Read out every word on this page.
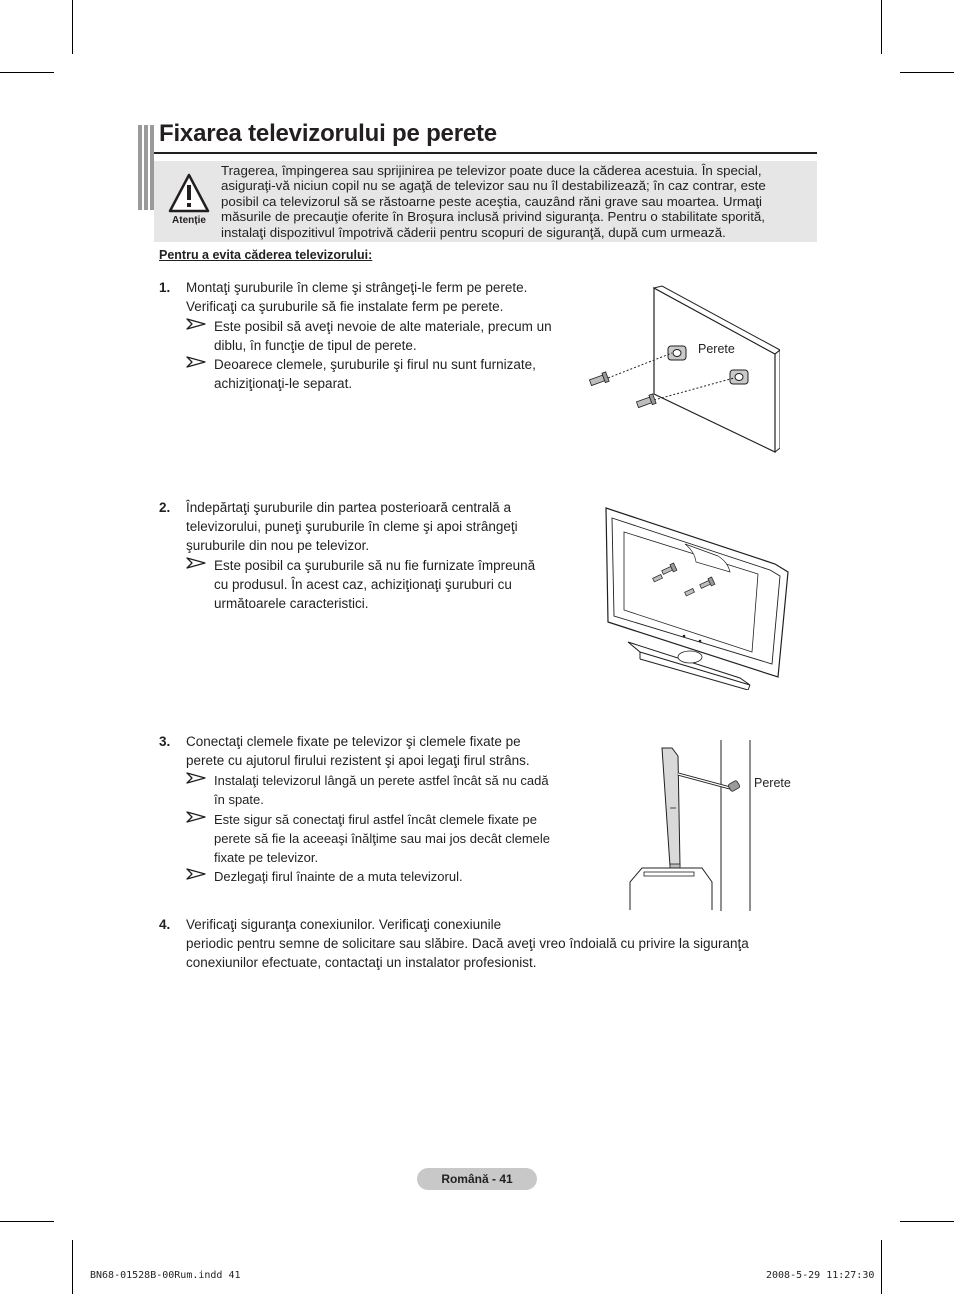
Fixarea televizorului pe perete
Atenție
Tragerea, împingerea sau sprijinirea pe televizor poate duce la căderea acestuia. În special,
asiguraţi-vă niciun copil nu se agaţă de televizor sau nu îl destabilizează; în caz contrar, este
posibil ca televizorul să se răstoarne peste aceştia, cauzând răni grave sau moartea. Urmaţi
măsurile de precauţie oferite în Broşura inclusă privind siguranţa. Pentru o stabilitate sporită,
instalaţi dispozitivul împotrivă căderii pentru scopuri de siguranţă, după cum urmează.
Pentru a evita căderea televizorului:
1. Montaţi şuruburile în cleme şi strângeţi-le ferm pe perete.
Verificaţi ca şuruburile să fie instalate ferm pe perete.
Este posibil să aveţi nevoie de alte materiale, precum un
diblu, în funcţie de tipul de perete.
Deoarece clemele, şuruburile şi firul nu sunt furnizate,
achiziţionaţi-le separat.
Perete
2. Îndepărtaţi şuruburile din partea posterioară centrală a
televizorului, puneţi şuruburile în cleme şi apoi strângeţi
şuruburile din nou pe televizor.
Este posibil ca şuruburile să nu fie furnizate împreună
cu produsul. În acest caz, achiziţionaţi şuruburi cu
următoarele caracteristici.
3. Conectaţi clemele fixate pe televizor şi clemele fixate pe
perete cu ajutorul firului rezistent şi apoi legaţi firul strâns.
Instalaţi televizorul lângă un perete astfel încât să nu cadă
în spate.
Este sigur să conectaţi firul astfel încât clemele fixate pe
perete să fie la aceeaşi înălţime sau mai jos decât clemele
fixate pe televizor.
Dezlegaţi firul înainte de a muta televizorul.
Perete
4. Verificaţi siguranţa conexiunilor. Verificaţi conexiunile
periodic pentru semne de solicitare sau slăbire. Dacă aveţi vreo îndoială cu privire la siguranţa
conexiunilor efectuate, contactaţi un instalator profesionist.
Română - 41
BN68-01528B-00Rum.indd 41	2008-5-29 11:27:30
